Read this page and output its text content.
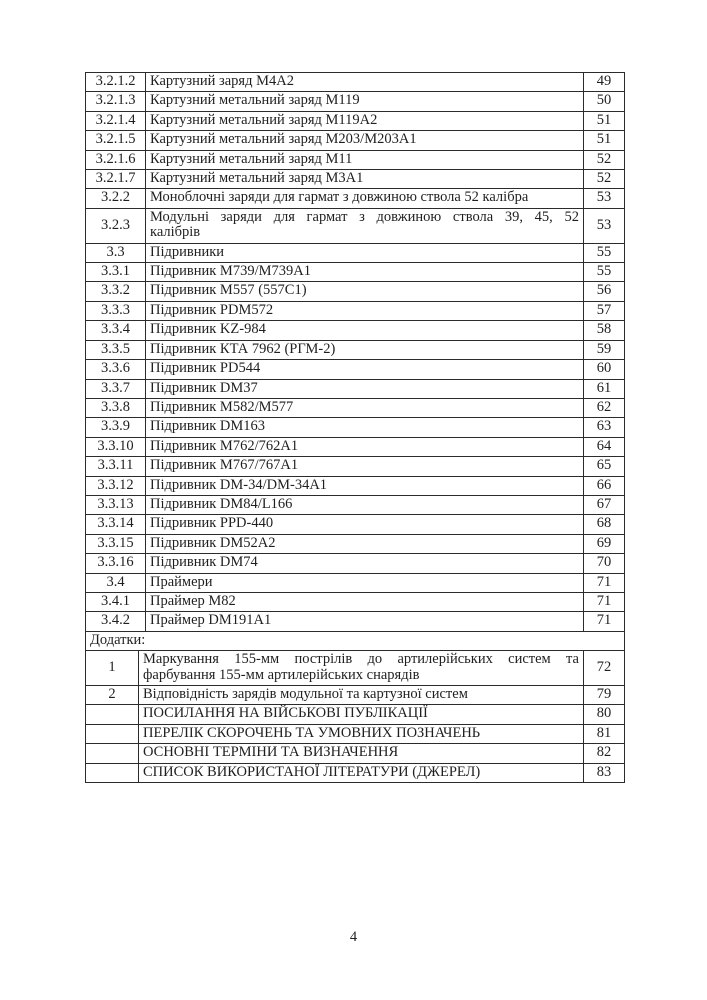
3.2.1.2	Картузний заряд М4А2	49
3.2.1.3	Картузний метальний заряд М119	50
3.2.1.4	Картузний метальний заряд М119А2	51
3.2.1.5	Картузний метальний заряд М203/М203А1	51
3.2.1.6	Картузний метальний заряд М11	52
3.2.1.7	Картузний метальний заряд М3А1	52
3.2.2	Моноблочні заряди для гармат з довжиною ствола 52 калібра	53
3.2.3	Модульні заряди для гармат з довжиною ствола 39, 45, 52
калібрів	53
3.3	Підривники	55
3.3.1	Підривник М739/М739А1	55
3.3.2	Підривник М557 (557С1)	56
3.3.3	Підривник PDM572	57
3.3.4	Підривник KZ-984	58
3.3.5	Підривник КТА 7962 (РГМ-2)	59
3.3.6	Підривник PD544	60
3.3.7	Підривник DM37	61
3.3.8	Підривник М582/М577	62
3.3.9	Підривник DM163	63
3.3.10	Підривник М762/762А1	64
3.3.11	Підривник М767/767А1	65
3.3.12	Підривник DM-34/DM-34А1	66
3.3.13	Підривник DM84/L166	67
3.3.14	Підривник PPD-440	68
3.3.15	Підривник DM52А2	69
3.3.16	Підривник DM74	70
3.4	Праймери	71
3.4.1	Праймер М82	71
3.4.2	Праймер DM191А1	71
Додатки:		
1	Маркування 155-мм пострілів до артилерійських систем та
фарбування 155-мм артилерійських снарядів	72
2	Відповідність зарядів модульної та картузної систем	79
	ПОСИЛАННЯ НА ВІЙСЬКОВІ ПУБЛІКАЦІЇ	80
	ПЕРЕЛІК СКОРОЧЕНЬ ТА УМОВНИХ ПОЗНАЧЕНЬ	81
	ОСНОВНІ ТЕРМІНИ ТА ВИЗНАЧЕННЯ	82
	СПИСОК ВИКОРИСТАНОЇ ЛІТЕРАТУРИ (ДЖЕРЕЛ)	83
4
